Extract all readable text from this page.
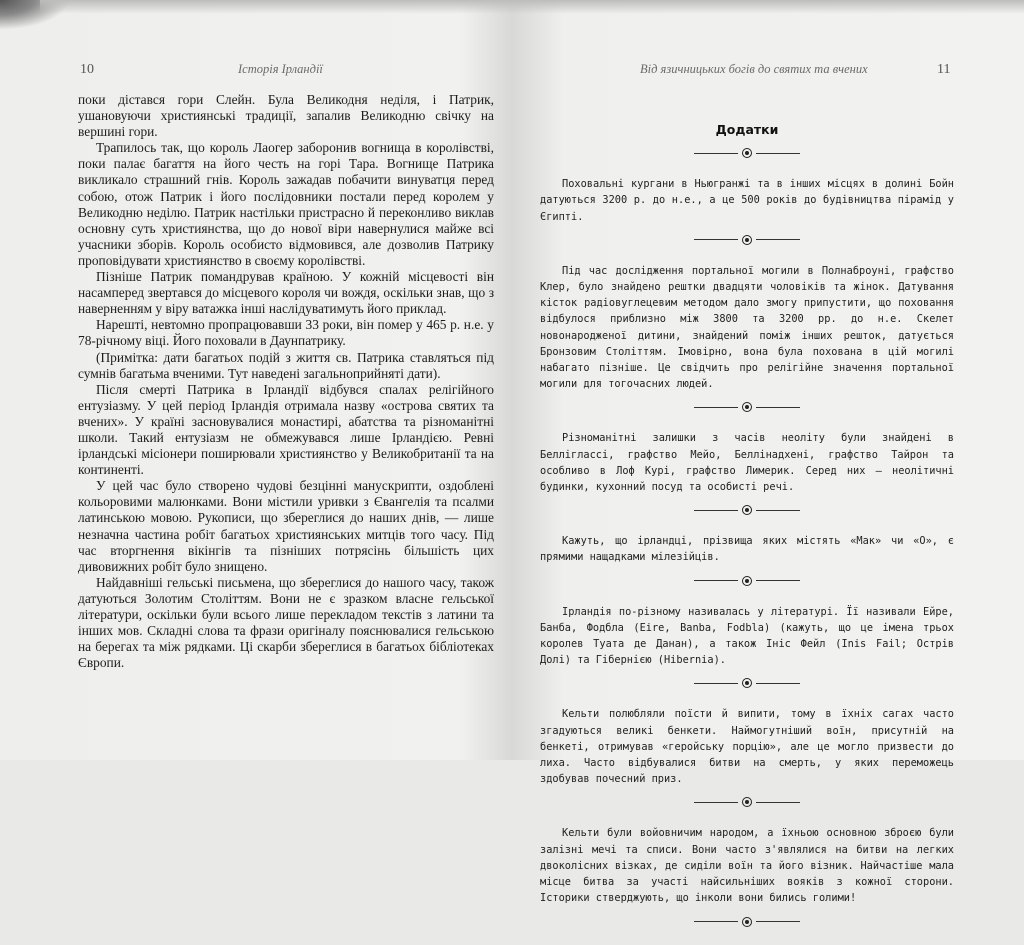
10	Історія Ірландії

поки дістався гори Слейн. Була Великодня неділя, і Патрик, ушановуючи християнські традиції, запалив Великодню свічку на вершині гори.

Трапилось так, що король Лаогер заборонив вогнища в королівстві, поки палає багаття на його честь на горі Тара. Вогнище Патрика викликало страшний гнів. Король зажадав побачити винуватця перед собою, отож Патрик і його послідовники постали перед королем у Великодню неділю. Патрик настільки пристрасно й переконливо виклав основну суть християнства, що до нової віри навернулися майже всі учасники зборів. Король особисто відмовився, але дозволив Патрику проповідувати християнство в своєму королівстві.

Пізніше Патрик помандрував країною. У кожній місцевості він насамперед звертався до місцевого короля чи вождя, оскільки знав, що з наверненням у віру ватажка інші наслідуватимуть його приклад.

Нарешті, невтомно пропрацювавши 33 роки, він помер у 465 р. н.е. у 78-річному віці. Його поховали в Даунпатрику.

(Примітка: дати багатьох подій з життя св. Патрика ставляться під сумнів багатьма вченими. Тут наведені загальноприйняті дати).

Після смерті Патрика в Ірландії відбувся спалах релігійного ентузіазму. У цей період Ірландія отримала назву «острова святих та вчених». У країні засновувалися монастирі, абатства та різноманітні школи. Такий ентузіазм не обмежувався лише Ірландією. Ревні ірландські місіонери поширювали християнство у Великобританії та на континенті.

У цей час було створено чудові безцінні манускрипти, оздоблені кольоровими малюнками. Вони містили уривки з Євангелія та псалми латинською мовою. Рукописи, що збереглися до наших днів, — лише незначна частина робіт багатьох християнських митців того часу. Під час вторгнення вікінгів та пізніших потрясінь більшість цих дивовижних робіт було знищено.

Найдавніші гельські письмена, що збереглися до нашого часу, також датуються Золотим Століттям. Вони не є зразком власне гельської літератури, оскільки були всього лише перекладом текстів з латини та інших мов. Складні слова та фрази оригіналу пояснювалися гельською на берегах та між рядками. Ці скарби збереглися в багатьох бібліотеках Європи.

Від язичницьких богів до святих та вчених	11
Додатки

Поховальні кургани в Ньюгранжі та в інших місцях в долині Бойн датуються 3200 р. до н.е., а це 500 років до будівництва пірамід у Єгипті.

Під час дослідження портальної могили в Полнаброуні, графство Клер, було знайдено рештки двадцяти чоловіків та жінок. Датування кісток радіовуглецевим методом дало змогу припустити, що поховання відбулося приблизно між 3800 та 3200 рр. до н.е. Скелет новонародженої дитини, знайдений поміж інших решток, датується Бронзовим Століттям. Імовірно, вона була похована в цій могилі набагато пізніше. Це свідчить про релігійне значення портальної могили для тогочасних людей.

Різноманітні залишки з часів неоліту були знайдені в Белліглассі, графство Мейо, Беллінадхені, графство Тайрон та особливо в Лоф Курі, графство Лимерик. Серед них — неолітичні будинки, кухонний посуд та особисті речі.

Кажуть, що ірландці, прізвища яких містять «Мак» чи «О», є прямими нащадками мілезійців.

Ірландія по-різному називалась у літературі. Її називали Ейре, Банба, Фодбла (Eire, Banba, Fodbla) (кажуть, що це імена трьох королев Туата де Данан), а також Ініс Фейл (Inis Fail; Острів Долі) та Гібернією (Hibernia).

Кельти полюбляли поїсти й випити, тому в їхніх сагах часто згадуються великі бенкети. Наймогутніший воїн, присутній на бенкеті, отримував «геройську порцію», але це могло призвести до лиха. Часто відбувалися битви на смерть, у яких переможець здобував почесний приз.

Кельти були войовничим народом, а їхньою основною зброєю були залізні мечі та списи. Вони часто з'являлися на битви на легких двоколісних візках, де сиділи воїн та його візник. Найчастіше мала місце битва за участі найсильніших вояків з кожної сторони. Історики стверджують, що інколи вони бились голими!
